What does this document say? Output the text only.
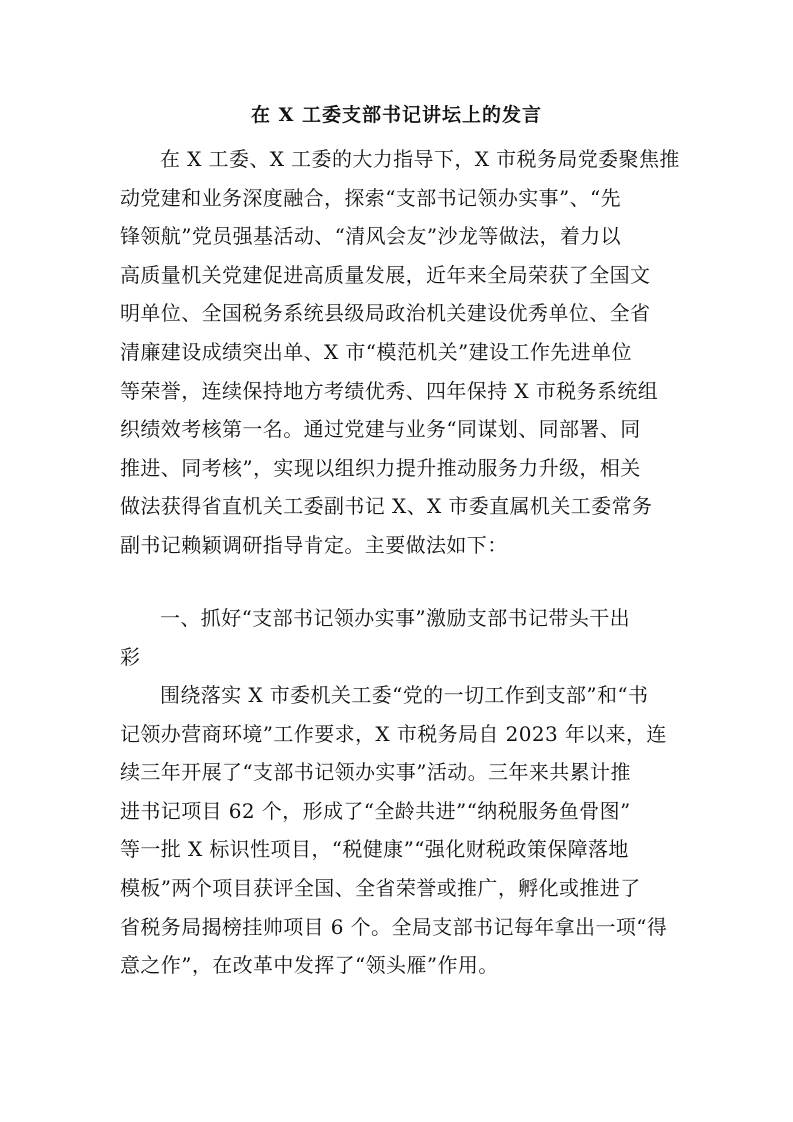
在 X 工委支部书记讲坛上的发言
在 X 工委、X 工委的大力指导下，X 市税务局党委聚焦推
动党建和业务深度融合，探索“支部书记领办实事”、“先
锋领航”党员强基活动、“清风会友”沙龙等做法，着力以
高质量机关党建促进高质量发展，近年来全局荣获了全国文
明单位、全国税务系统县级局政治机关建设优秀单位、全省
清廉建设成绩突出单、X 市“模范机关”建设工作先进单位
等荣誉，连续保持地方考绩优秀、四年保持 X 市税务系统组
织绩效考核第一名。通过党建与业务“同谋划、同部署、同
推进、同考核”，实现以组织力提升推动服务力升级，相关
做法获得省直机关工委副书记 X、X 市委直属机关工委常务
副书记赖颖调研指导肯定。主要做法如下：
一、抓好“支部书记领办实事”激励支部书记带头干出
彩
围绕落实 X 市委机关工委“党的一切工作到支部”和“书
记领办营商环境”工作要求，X 市税务局自 2023 年以来，连
续三年开展了“支部书记领办实事”活动。三年来共累计推
进书记项目 62 个，形成了“全龄共进”“纳税服务鱼骨图”
等一批 X 标识性项目，“税健康”“强化财税政策保障落地
模板”两个项目获评全国、全省荣誉或推广，孵化或推进了
省税务局揭榜挂帅项目 6 个。全局支部书记每年拿出一项“得
意之作”，在改革中发挥了“领头雁”作用。
